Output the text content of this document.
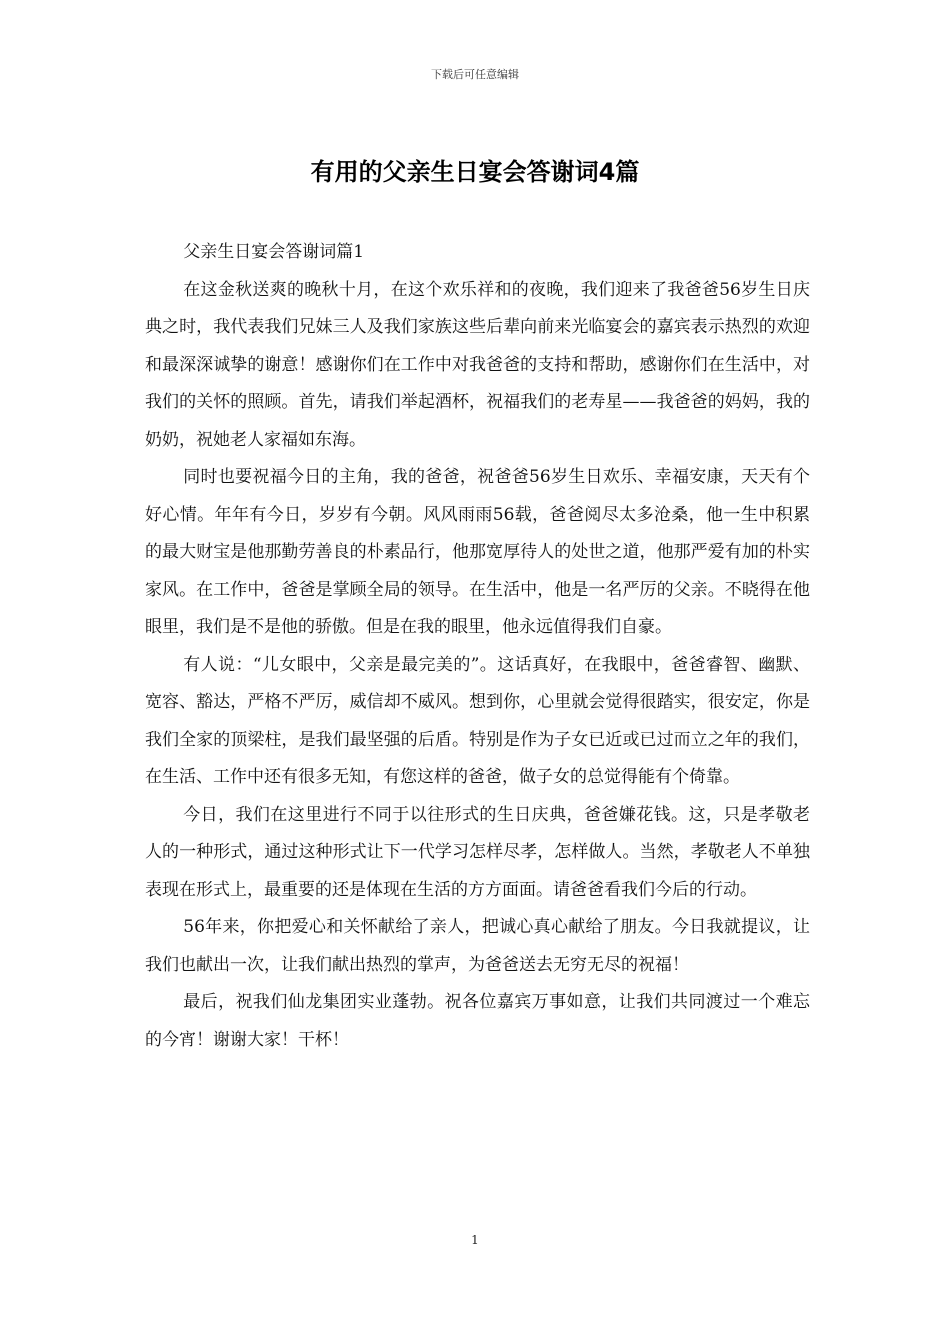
下载后可任意编辑
有用的父亲生日宴会答谢词4篇
父亲生日宴会答谢词篇1

在这金秋送爽的晚秋十月，在这个欢乐祥和的夜晚，我们迎来了我爸爸56岁生日庆典之时，我代表我们兄妹三人及我们家族这些后辈向前来光临宴会的嘉宾表示热烈的欢迎和最深深诚挚的谢意！感谢你们在工作中对我爸爸的支持和帮助，感谢你们在生活中，对我们的关怀的照顾。首先，请我们举起酒杯，祝福我们的老寿星——我爸爸的妈妈，我的奶奶，祝她老人家福如东海。

同时也要祝福今日的主角，我的爸爸，祝爸爸56岁生日欢乐、幸福安康，天天有个好心情。年年有今日，岁岁有今朝。风风雨雨56载，爸爸阅尽太多沧桑，他一生中积累的最大财宝是他那勤劳善良的朴素品行，他那宽厚待人的处世之道，他那严爱有加的朴实家风。在工作中，爸爸是掌顾全局的领导。在生活中，他是一名严厉的父亲。不晓得在他眼里，我们是不是他的骄傲。但是在我的眼里，他永远值得我们自豪。

有人说：“儿女眼中，父亲是最完美的”。这话真好，在我眼中，爸爸睿智、幽默、宽容、豁达，严格不严厉，威信却不威风。想到你，心里就会觉得很踏实，很安定，你是我们全家的顶梁柱，是我们最坚强的后盾。特别是作为子女已近或已过而立之年的我们，在生活、工作中还有很多无知，有您这样的爸爸，做子女的总觉得能有个倚靠。

今日，我们在这里进行不同于以往形式的生日庆典，爸爸嫌花钱。这，只是孝敬老人的一种形式，通过这种形式让下一代学习怎样尽孝，怎样做人。当然，孝敬老人不单独表现在形式上，最重要的还是体现在生活的方方面面。请爸爸看我们今后的行动。

56年来，你把爱心和关怀献给了亲人，把诚心真心献给了朋友。今日我就提议，让我们也献出一次，让我们献出热烈的掌声，为爸爸送去无穷无尽的祝福！

最后，祝我们仙龙集团实业蓬勃。祝各位嘉宾万事如意，让我们共同渡过一个难忘的今宵！谢谢大家！干杯！

1
